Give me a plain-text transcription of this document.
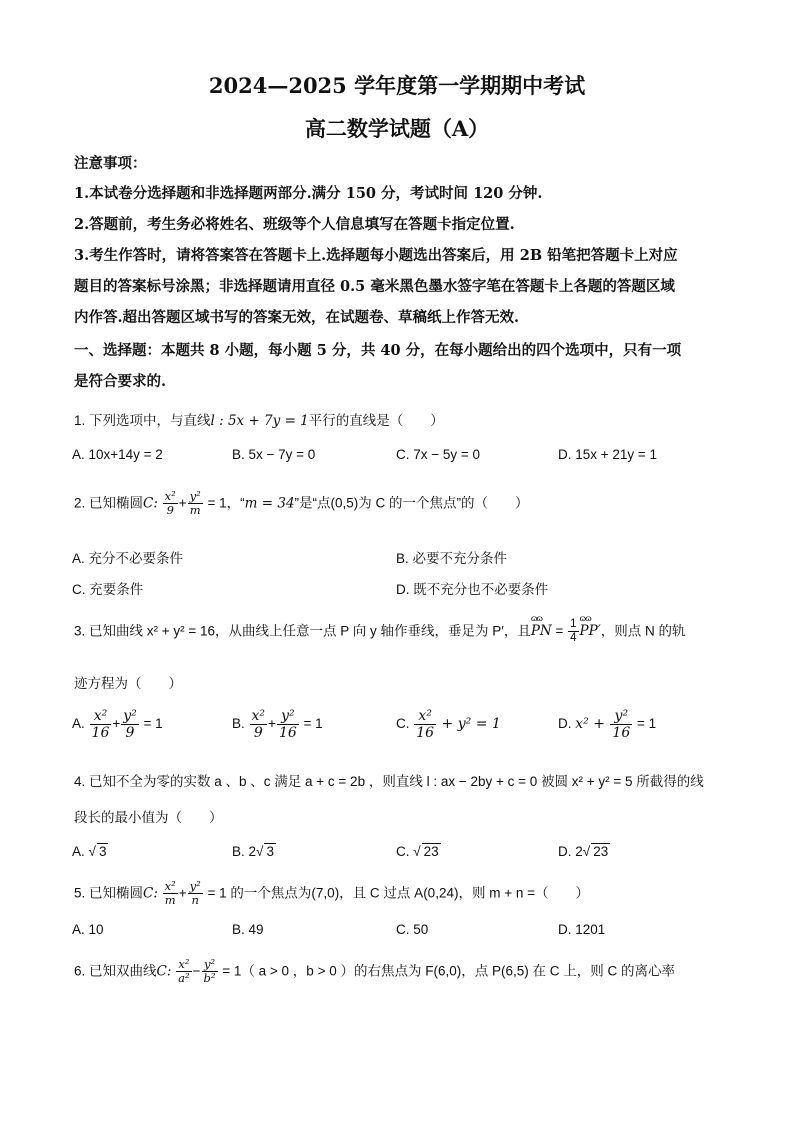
2024—2025 学年度第一学期期中考试
高二数学试题（A）
注意事项：
1.本试卷分选择题和非选择题两部分.满分 150 分，考试时间 120 分钟.
2.答题前，考生务必将姓名、班级等个人信息填写在答题卡指定位置.
3.考生作答时，请将答案答在答题卡上.选择题每小题选出答案后，用 2B 铅笔把答题卡上对应
题目的答案标号涂黑；非选择题请用直径 0.5 毫米黑色墨水签字笔在答题卡上各题的答题区域
内作答.超出答题区域书写的答案无效，在试题卷、草稿纸上作答无效.
一、选择题：本题共 8 小题，每小题 5 分，共 40 分，在每小题给出的四个选项中，只有一项
是符合要求的.
1. 下列选项中，与直线l : 5x + 7y = 1平行的直线是（　　）
A. 10x+14y = 2	B. 5x − 7y = 0	C. 7x − 5y = 0	D. 15x + 21y = 1
2. 已知椭圆C: $\frac{\text{x²}}{9} + \frac{\text{y²}}{m} = 1$，“m = 34”是“点(0,5)为 C 的一个焦点”的（　　）
A. 充分不必要条件	B. 必要不充分条件
C. 充要条件	D. 既不充分也不必要条件
3. 已知曲线 x² + y² = 16，从曲线上任意一点 P 向 y 轴作垂线，垂足为 P′，且ɷɷ PN = $\frac{1}{4}$
ɷɷ PP′，则点 N 的轨
迹方程为（　　）
A. $\frac{\text{x²}}{16} + \frac{\text{y²}}{9} = 1$	B. $\frac{\text{x²}}{9} + \frac{\text{y²}}{16} = 1$	C. $\frac{\text{x²}}{16} + y^2 = 1$	D. $x^2 + \frac{\text{y²}}{16} = 1$
4. 已知不全为零的实数 a 、b 、c 满足 a + c = 2b ，则直线 l : ax − 2by + c = 0 被圆 x² + y² = 5 所截得的线
段长的最小值为（　　）
A. √ 3	B. 2√ 3	C. √ 23	D. 2√ 23
5. 已知椭圆C: $\frac{\text{x²}}{m} + \frac{\text{y²}}{n} = 1$ 的一个焦点为(7,0)，且 C 过点 A(0,24)，则 m + n =（　　）
A. 10	B. 49	C. 50	D. 1201
6. 已知双曲线C: $\frac{\text{x²}}{\text{a²}} - \frac{\text{y²}}{\text{b²}} = 1$（ a > 0 ，b > 0 ）的右焦点为 F(6,0)，点 P(6,5) 在 C 上，则 C 的离心率
